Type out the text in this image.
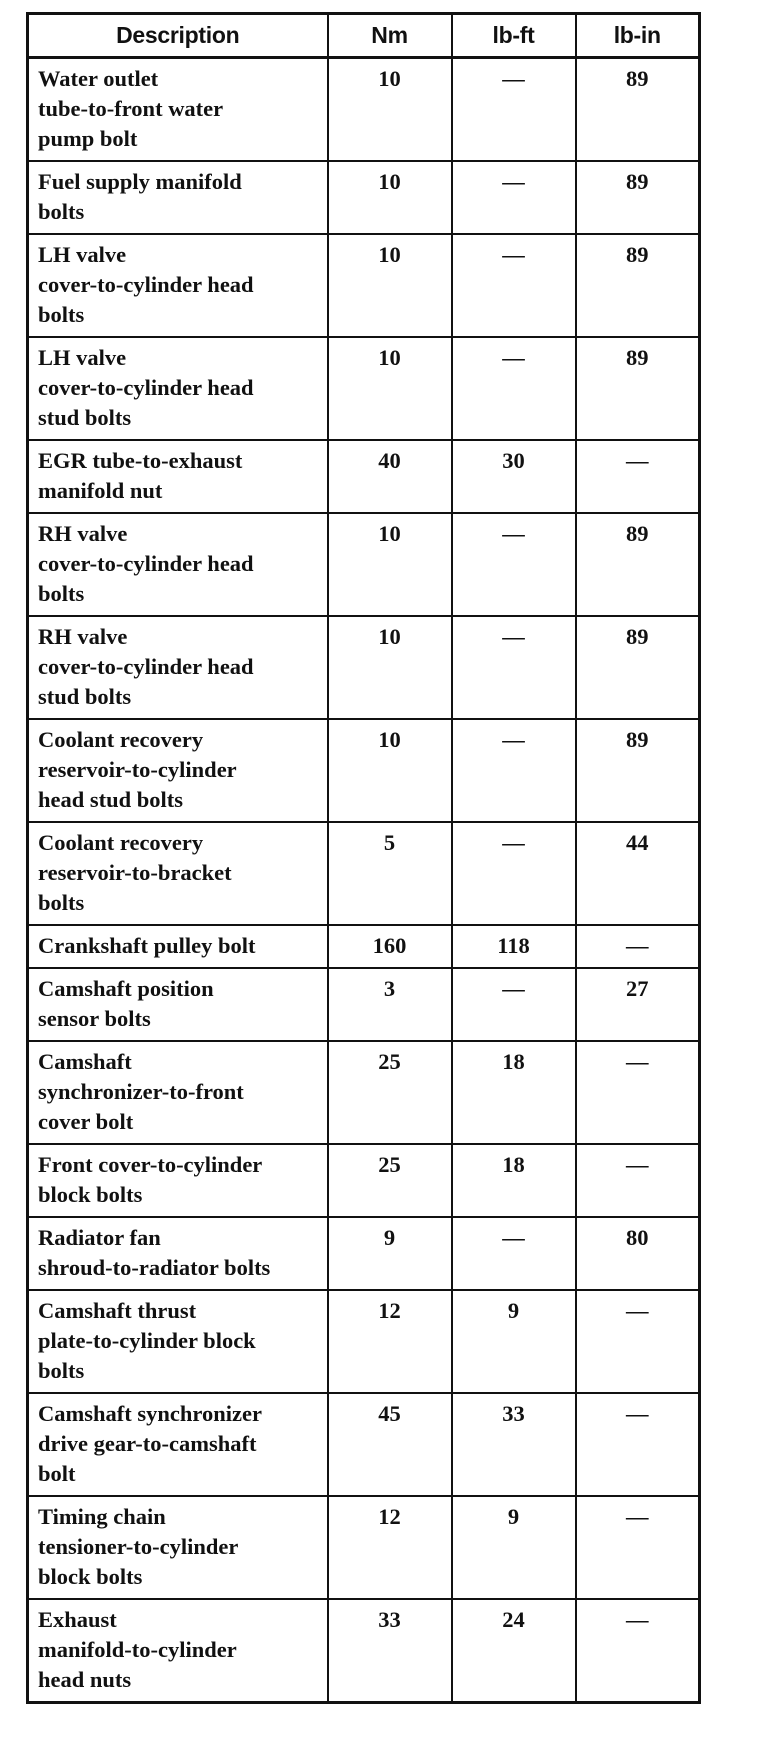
Description	Nm	lb-ft	lb-in

Water outlet
tube-to-front water
pump bolt	10	—	89

Fuel supply manifold
bolts	10	—	89

LH valve
cover-to-cylinder head
bolts	10	—	89

LH valve
cover-to-cylinder head
stud bolts	10	—	89

EGR tube-to-exhaust
manifold nut	40	30	—

RH valve
cover-to-cylinder head
bolts	10	—	89

RH valve
cover-to-cylinder head
stud bolts	10	—	89

Coolant recovery
reservoir-to-cylinder
head stud bolts	10	—	89

Coolant recovery
reservoir-to-bracket
bolts	5	—	44

Crankshaft pulley bolt	160	118	—

Camshaft position
sensor bolts	3	—	27

Camshaft
synchronizer-to-front
cover bolt	25	18	—

Front cover-to-cylinder
block bolts	25	18	—

Radiator fan
shroud-to-radiator bolts	9	—	80

Camshaft thrust
plate-to-cylinder block
bolts	12	9	—

Camshaft synchronizer
drive gear-to-camshaft
bolt	45	33	—

Timing chain
tensioner-to-cylinder
block bolts	12	9	—

Exhaust
manifold-to-cylinder
head nuts	33	24	—
